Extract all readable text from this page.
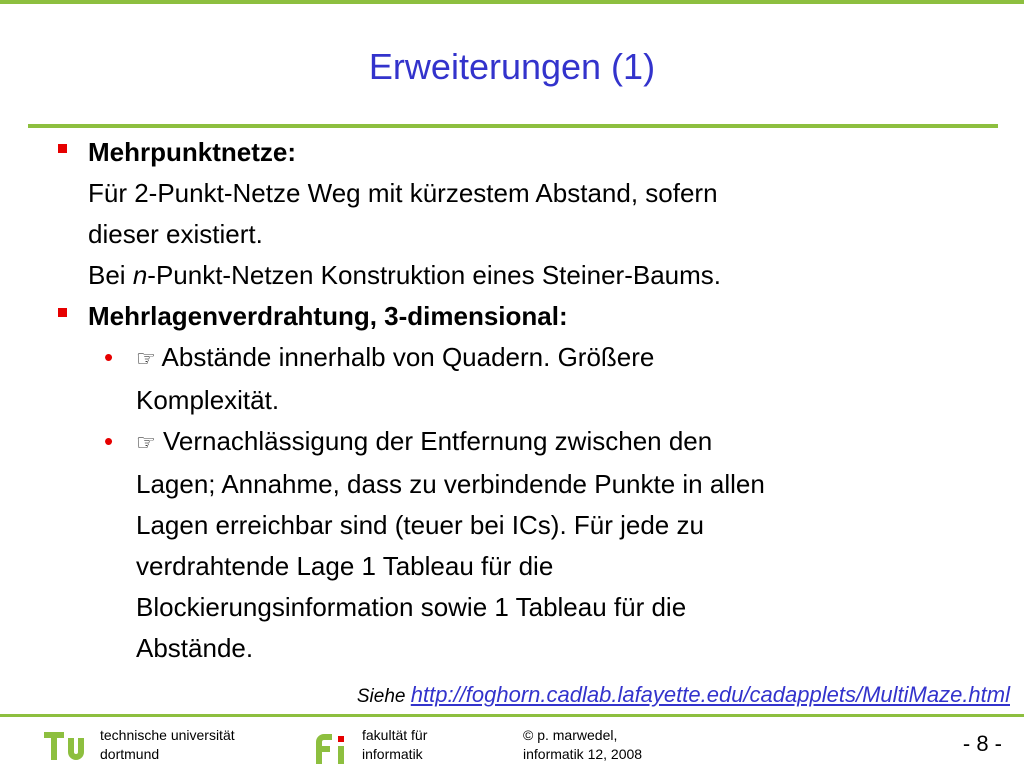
Erweiterungen (1)
Mehrpunktnetze:
Für 2-Punkt-Netze Weg mit kürzestem Abstand, sofern
dieser existiert.
Bei n-Punkt-Netzen Konstruktion eines Steiner-Baums.
Mehrlagenverdrahtung, 3-dimensional:
• ☞ Abstände innerhalb von Quadern. Größere
Komplexität.
• ☞ Vernachlässigung der Entfernung zwischen den
Lagen; Annahme, dass zu verbindende Punkte in allen
Lagen erreichbar sind (teuer bei ICs). Für jede zu
verdrahtende Lage 1 Tableau für die
Blockierungsinformation sowie 1 Tableau für die
Abstände.
Siehe http://foghorn.cadlab.lafayette.edu/cadapplets/MultiMaze.html
technische universität
dortmund
fakultät für
informatik
© p. marwedel,
informatik 12, 2008	- 8 -
